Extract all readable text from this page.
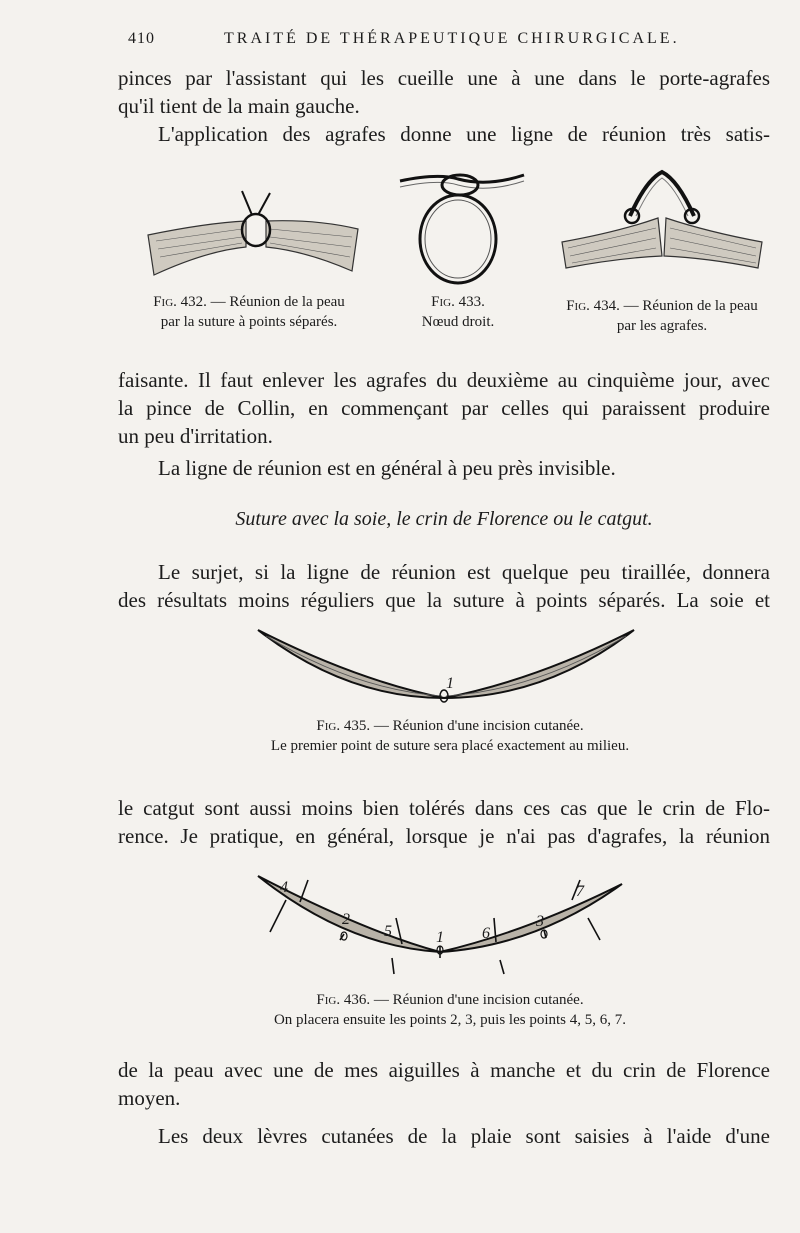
410	TRAITÉ DE THÉRAPEUTIQUE CHIRURGICALE.
pinces par l'assistant qui les cueille une à une dans le porte-agrafes
qu'il tient de la main gauche.
L'application des agrafes donne une ligne de réunion très satis-
Fig. 432. — Réunion de la peau
par la suture à points séparés.
Fig. 433.
Nœud droit.
Fig. 434. — Réunion de la peau
par les agrafes.
faisante. Il faut enlever les agrafes du deuxième au cinquième jour, avec
la pince de Collin, en commençant par celles qui paraissent produire
un peu d'irritation.
La ligne de réunion est en général à peu près invisible.
Suture avec la soie, le crin de Florence ou le catgut.
Le surjet, si la ligne de réunion est quelque peu tiraillée, donnera
des résultats moins réguliers que la suture à points séparés. La soie et
1
Fig. 435. — Réunion d'une incision cutanée.
Le premier point de suture sera placé exactement au milieu.
le catgut sont aussi moins bien tolérés dans ces cas que le crin de Flo-
rence. Je pratique, en général, lorsque je n'ai pas d'agrafes, la réunion
4
2
5	1 6
3
7
Fig. 436. — Réunion d'une incision cutanée.
On placera ensuite les points 2, 3, puis les points 4, 5, 6, 7.
de la peau avec une de mes aiguilles à manche et du crin de Florence
moyen.
Les deux lèvres cutanées de la plaie sont saisies à l'aide d'une
